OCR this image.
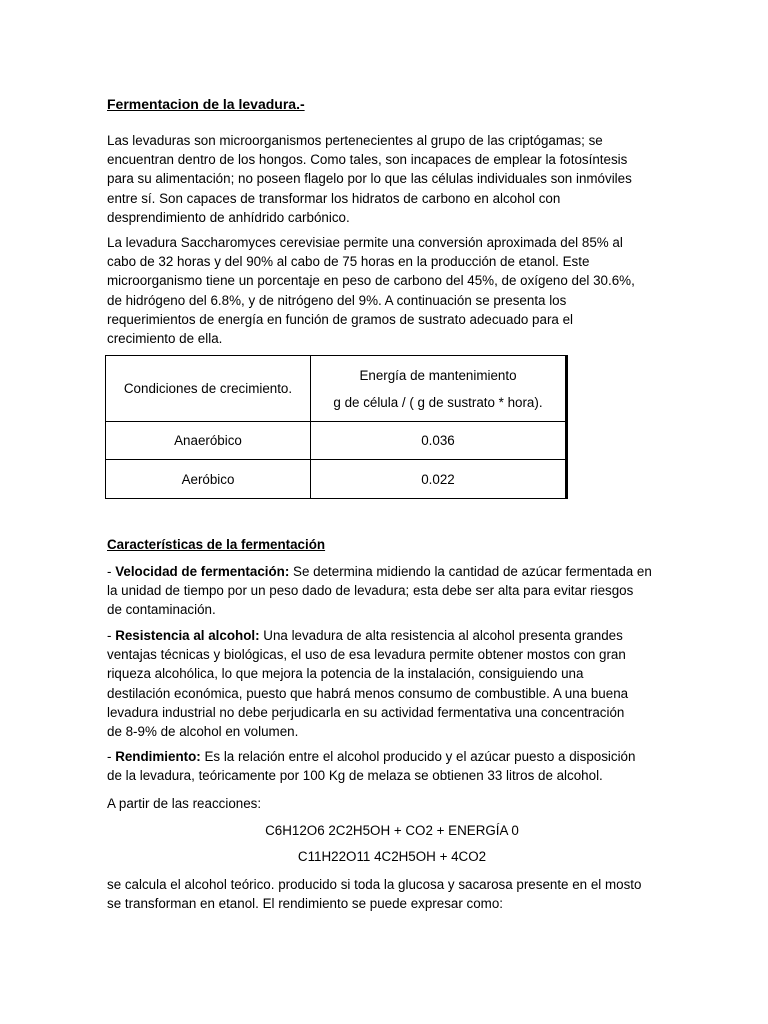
Fermentacion de la levadura.-

Las levaduras son microorganismos pertenecientes al grupo de las criptógamas; se
encuentran dentro de los hongos. Como tales, son incapaces de emplear la fotosíntesis
para su alimentación; no poseen flagelo por lo que las células individuales son inmóviles
entre sí. Son capaces de transformar los hidratos de carbono en alcohol con
desprendimiento de anhídrido carbónico.

La levadura Saccharomyces cerevisiae permite una conversión aproximada del 85% al
cabo de 32 horas y del 90% al cabo de 75 horas en la producción de etanol. Este
microorganismo tiene un porcentaje en peso de carbono del 45%, de oxígeno del 30.6%,
de hidrógeno del 6.8%, y de nitrógeno del 9%. A continuación se presenta los
requerimientos de energía en función de gramos de sustrato adecuado para el
crecimiento de ella.

Condiciones de crecimiento.	Energía de mantenimiento
g de célula / ( g de sustrato * hora).

Anaeróbico	0.036
Aeróbico	0.022
Características de la fermentación

- Velocidad de fermentación: Se determina midiendo la cantidad de azúcar fermentada en
la unidad de tiempo por un peso dado de levadura; esta debe ser alta para evitar riesgos
de contaminación.

- Resistencia al alcohol: Una levadura de alta resistencia al alcohol presenta grandes
ventajas técnicas y biológicas, el uso de esa levadura permite obtener mostos con gran
riqueza alcohólica, lo que mejora la potencia de la instalación, consiguiendo una
destilación económica, puesto que habrá menos consumo de combustible. A una buena
levadura industrial no debe perjudicarla en su actividad fermentativa una concentración
de 8-9% de alcohol en volumen.

- Rendimiento: Es la relación entre el alcohol producido y el azúcar puesto a disposición
de la levadura, teóricamente por 100 Kg de melaza se obtienen 33 litros de alcohol.

A partir de las reacciones:

C6H12O6 2C2H5OH + CO2 + ENERGÍA 0
C11H22O11 4C2H5OH + 4CO2

se calcula el alcohol teórico. producido si toda la glucosa y sacarosa presente en el mosto
se transforman en etanol. El rendimiento se puede expresar como:
